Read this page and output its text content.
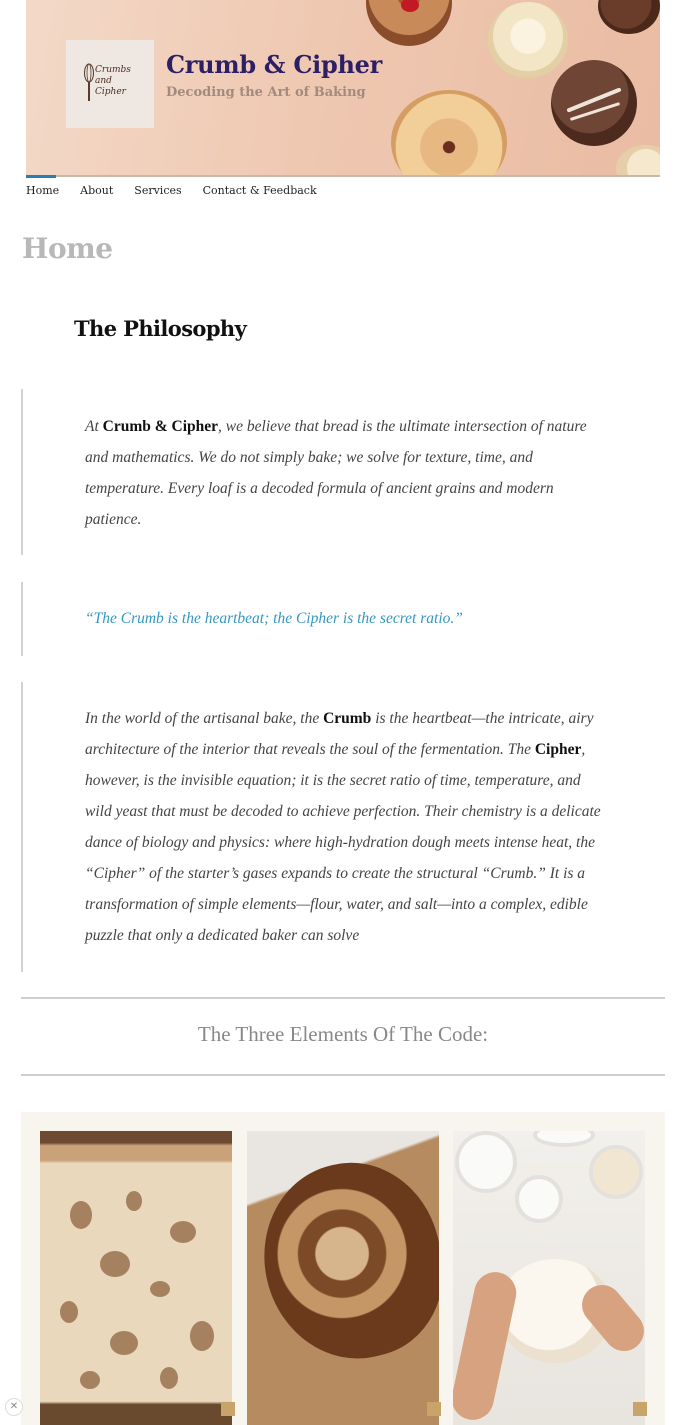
Crumbs
and
Cipher
Crumb & Cipher
Decoding the Art of Baking
Home About Services Contact & Feedback
Home
The Philosophy

At Crumb & Cipher, we believe that bread is the ultimate intersection of nature and mathematics. We do not simply bake; we solve for texture, time, and temperature. Every loaf is a decoded formula of ancient grains and modern patience.

“The Crumb is the heartbeat; the Cipher is the secret ratio.”

In the world of the artisanal bake, the Crumb is the heartbeat—the intricate, airy architecture of the interior that reveals the soul of the fermentation. The Cipher, however, is the invisible equation; it is the secret ratio of time, temperature, and wild yeast that must be decoded to achieve perfection. Their chemistry is a delicate dance of biology and physics: where high-hydration dough meets intense heat, the “Cipher” of the starter’s gases expands to create the structural “Crumb.” It is a transformation of simple elements—flour, water, and salt—into a complex, edible puzzle that only a dedicated baker can solve

The Three Elements Of The Code:
✕
